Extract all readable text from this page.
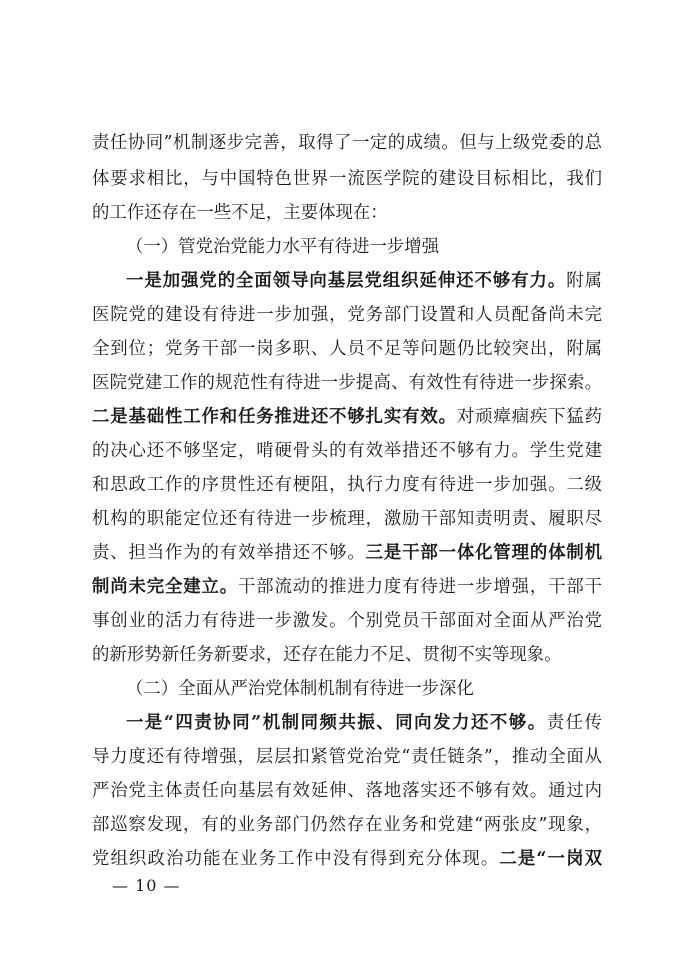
责任协同”机制逐步完善，取得了一定的成绩。但与上级党委的总
体要求相比，与中国特色世界一流医学院的建设目标相比，我们
的工作还存在一些不足，主要体现在：
（一）管党治党能力水平有待进一步增强
一是加强党的全面领导向基层党组织延伸还不够有力。附属
医院党的建设有待进一步加强，党务部门设置和人员配备尚未完
全到位；党务干部一岗多职、人员不足等问题仍比较突出，附属
医院党建工作的规范性有待进一步提高、有效性有待进一步探索。
二是基础性工作和任务推进还不够扎实有效。对顽瘴痼疾下猛药
的决心还不够坚定，啃硬骨头的有效举措还不够有力。学生党建
和思政工作的序贯性还有梗阻，执行力度有待进一步加强。二级
机构的职能定位还有待进一步梳理，激励干部知责明责、履职尽
责、担当作为的有效举措还不够。三是干部一体化管理的体制机
制尚未完全建立。干部流动的推进力度有待进一步增强，干部干
事创业的活力有待进一步激发。个别党员干部面对全面从严治党
的新形势新任务新要求，还存在能力不足、贯彻不实等现象。
（二）全面从严治党体制机制有待进一步深化
一是“四责协同”机制同频共振、同向发力还不够。责任传
导力度还有待增强，层层扣紧管党治党“责任链条”，推动全面从
严治党主体责任向基层有效延伸、落地落实还不够有效。通过内
部巡察发现，有的业务部门仍然存在业务和党建“两张皮”现象，
党组织政治功能在业务工作中没有得到充分体现。二是“一岗双
— 10 —
